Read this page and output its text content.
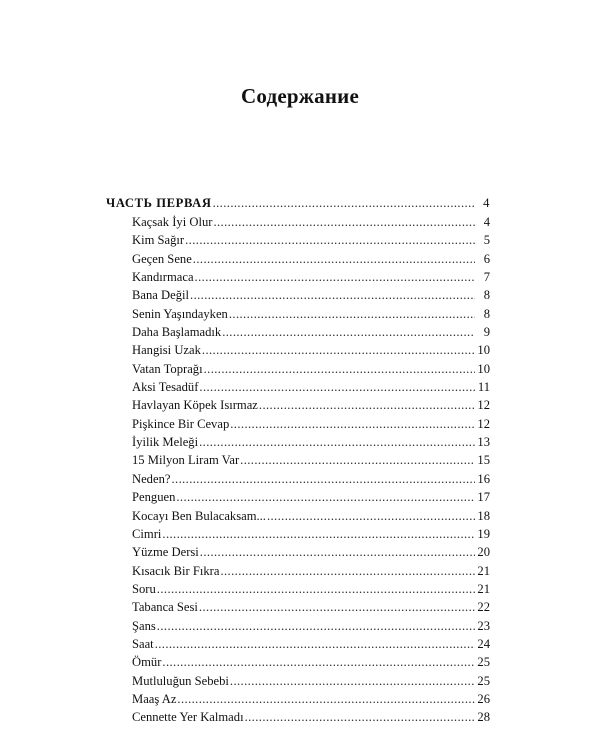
Содержание
ЧАСТЬ ПЕРВАЯ .....	4
Kaçsak İyi Olur .....	4
Kim Sağır .....	5
Geçen Sene .....	6
Kandırmaca .....	7
Bana Değil .....	8
Senin Yaşındayken .....	8
Daha Başlamadık .....	9
Hangisi Uzak .....	10
Vatan Toprağı .....	10
Aksi Tesadüf .....	11
Havlayan Köpek Isırmaz .....	12
Pişkince Bir Cevap .....	12
İyilik Meleği .....	13
15 Milyon Liram Var .....	15
Neden? .....	16
Penguen .....	17
Kocayı Ben Bulacaksam... .....	18
Cimri .....	19
Yüzme Dersi .....	20
Kısacık Bir Fıkra .....	21
Soru .....	21
Tabanca Sesi .....	22
Şans .....	23
Saat .....	24
Ömür .....	25
Mutluluğun Sebebi .....	25
Maaş Az .....	26
Cennette Yer Kalmadı .....	28
